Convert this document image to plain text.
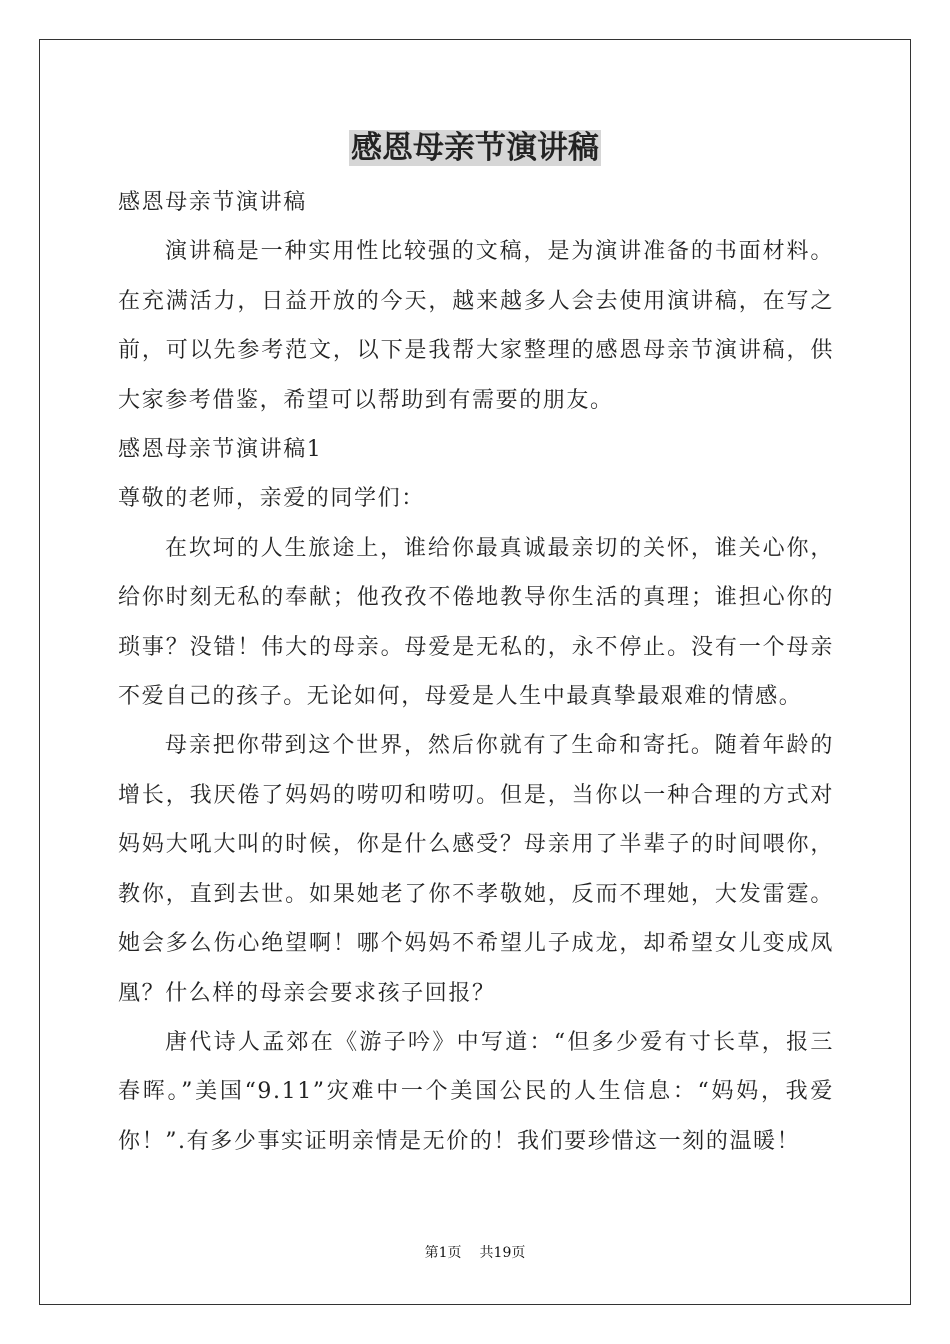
感恩母亲节演讲稿

感恩母亲节演讲稿

演讲稿是一种实用性比较强的文稿，是为演讲准备的书面材料。在充满活力，日益开放的今天，越来越多人会去使用演讲稿，在写之前，可以先参考范文，以下是我帮大家整理的感恩母亲节演讲稿，供大家参考借鉴，希望可以帮助到有需要的朋友。

感恩母亲节演讲稿1

尊敬的老师，亲爱的同学们：

在坎坷的人生旅途上，谁给你最真诚最亲切的关怀，谁关心你，给你时刻无私的奉献；他孜孜不倦地教导你生活的真理；谁担心你的琐事？没错！伟大的母亲。母爱是无私的，永不停止。没有一个母亲不爱自己的孩子。无论如何，母爱是人生中最真挚最艰难的情感。

母亲把你带到这个世界，然后你就有了生命和寄托。随着年龄的增长，我厌倦了妈妈的唠叨和唠叨。但是，当你以一种合理的方式对妈妈大吼大叫的时候，你是什么感受？母亲用了半辈子的时间喂你，教你，直到去世。如果她老了你不孝敬她，反而不理她，大发雷霆。她会多么伤心绝望啊！哪个妈妈不希望儿子成龙，却希望女儿变成凤凰？什么样的母亲会要求孩子回报？

唐代诗人孟郊在《游子吟》中写道：“但多少爱有寸长草，报三春晖。”美国“9.11”灾难中一个美国公民的人生信息：“妈妈，我爱你！”.有多少事实证明亲情是无价的！我们要珍惜这一刻的温暖！

第1页 共19页
